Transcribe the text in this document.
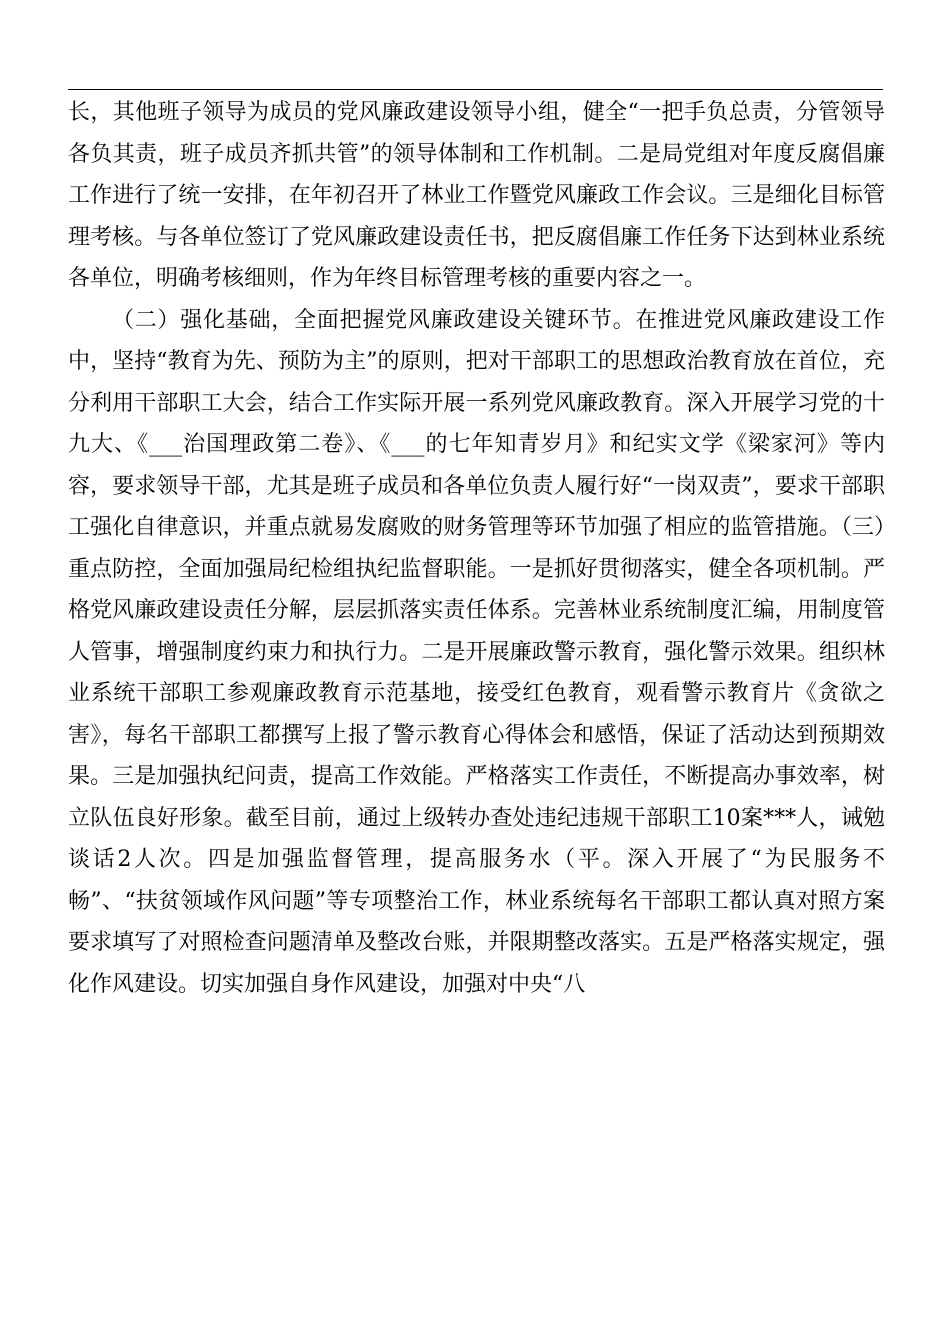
长，其他班子领导为成员的党风廉政建设领导小组，健全“一把手负总责，分管领导各负其责，班子成员齐抓共管”的领导体制和工作机制。二是局党组对年度反腐倡廉工作进行了统一安排，在年初召开了林业工作暨党风廉政工作会议。三是细化目标管理考核。与各单位签订了党风廉政建设责任书，把反腐倡廉工作任务下达到林业系统各单位，明确考核细则，作为年终目标管理考核的重要内容之一。

（二）强化基础，全面把握党风廉政建设关键环节。在推进党风廉政建设工作中，坚持“教育为先、预防为主”的原则，把对干部职工的思想政治教育放在首位，充分利用干部职工大会，结合工作实际开展一系列党风廉政教育。深入开展学习党的十九大、《___治国理政第二卷》、《___的七年知青岁月》和纪实文学《梁家河》等内容，要求领导干部，尤其是班子成员和各单位负责人履行好“一岗双责”，要求干部职工强化自律意识，并重点就易发腐败的财务管理等环节加强了相应的监管措施。（三）重点防控，全面加强局纪检组执纪监督职能。一是抓好贯彻落实，健全各项机制。严格党风廉政建设责任分解，层层抓落实责任体系。完善林业系统制度汇编，用制度管人管事，增强制度约束力和执行力。二是开展廉政警示教育，强化警示效果。组织林业系统干部职工参观廉政教育示范基地，接受红色教育，观看警示教育片《贪欲之害》，每名干部职工都撰写上报了警示教育心得体会和感悟，保证了活动达到预期效果。三是加强执纪问责，提高工作效能。严格落实工作责任，不断提高办事效率，树立队伍良好形象。截至目前，通过上级转办查处违纪违规干部职工10案***人，诫勉谈话2人次。四是加强监督管理，提高服务水（平。深入开展了“为民服务不畅”、“扶贫领域作风问题”等专项整治工作，林业系统每名干部职工都认真对照方案要求填写了对照检查问题清单及整改台账，并限期整改落实。五是严格落实规定，强化作风建设。切实加强自身作风建设，加强对中央“八
